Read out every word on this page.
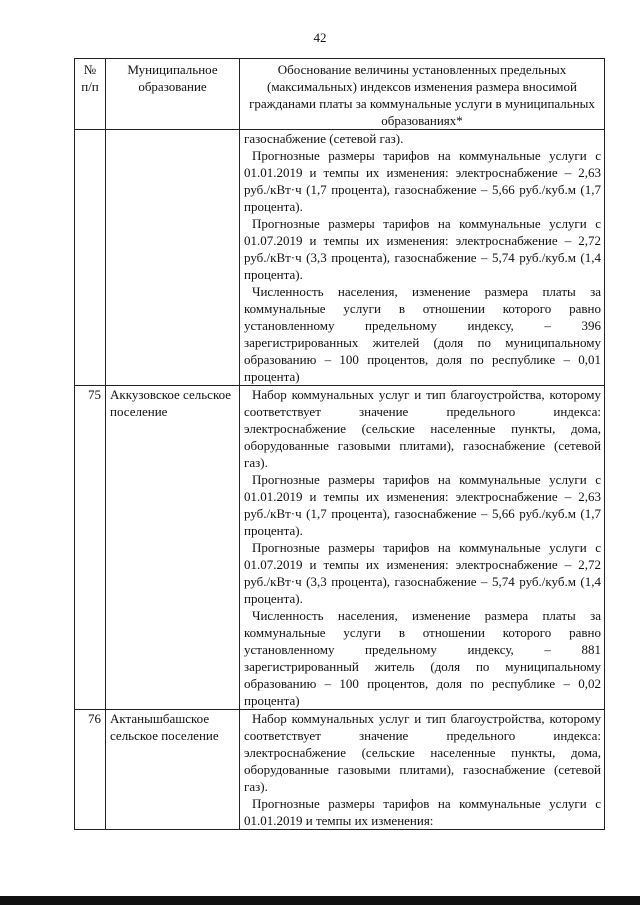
42
№
п/п	Муниципальное образование	Обоснование величины установленных предельных (максимальных) индексов изменения размера вносимой гражданами платы за коммунальные услуги в муниципальных образованиях*

		газоснабжение (сетевой газ).

Прогнозные размеры тарифов на коммунальные услуги с 01.01.2019 и темпы их изменения: электроснабжение – 2,63 руб./кВт·ч (1,7 процента), газоснабжение – 5,66 руб./куб.м (1,7 процента).

Прогнозные размеры тарифов на коммунальные услуги с 01.07.2019 и темпы их изменения: электроснабжение – 2,72 руб./кВт·ч (3,3 процента), газоснабжение – 5,74 руб./куб.м (1,4 процента).

Численность населения, изменение размера платы за коммунальные услуги в отношении которого равно установленному предельному индексу, – 396 зарегистрированных жителей (доля по муниципальному образованию – 100 процентов, доля по республике – 0,01 процента)

75	Аккузовское сельское поселение	Набор коммунальных услуг и тип благоустройства, которому соответствует значение предельного индекса: электроснабжение (сельские населенные пункты, дома, оборудованные газовыми плитами), газоснабжение (сетевой газ).

Прогнозные размеры тарифов на коммунальные услуги с 01.01.2019 и темпы их изменения: электроснабжение – 2,63 руб./кВт·ч (1,7 процента), газоснабжение – 5,66 руб./куб.м (1,7 процента).

Прогнозные размеры тарифов на коммунальные услуги с 01.07.2019 и темпы их изменения: электроснабжение – 2,72 руб./кВт·ч (3,3 процента), газоснабжение – 5,74 руб./куб.м (1,4 процента).

Численность населения, изменение размера платы за коммунальные услуги в отношении которого равно установленному предельному индексу, – 881 зарегистрированный житель (доля по муниципальному образованию – 100 процентов, доля по республике – 0,02 процента)

76	Актанышбашское сельское поселение	Набор коммунальных услуг и тип благоустройства, которому соответствует значение предельного индекса: электроснабжение (сельские населенные пункты, дома, оборудованные газовыми плитами), газоснабжение (сетевой газ).

Прогнозные размеры тарифов на коммунальные услуги с 01.01.2019 и темпы их изменения:
